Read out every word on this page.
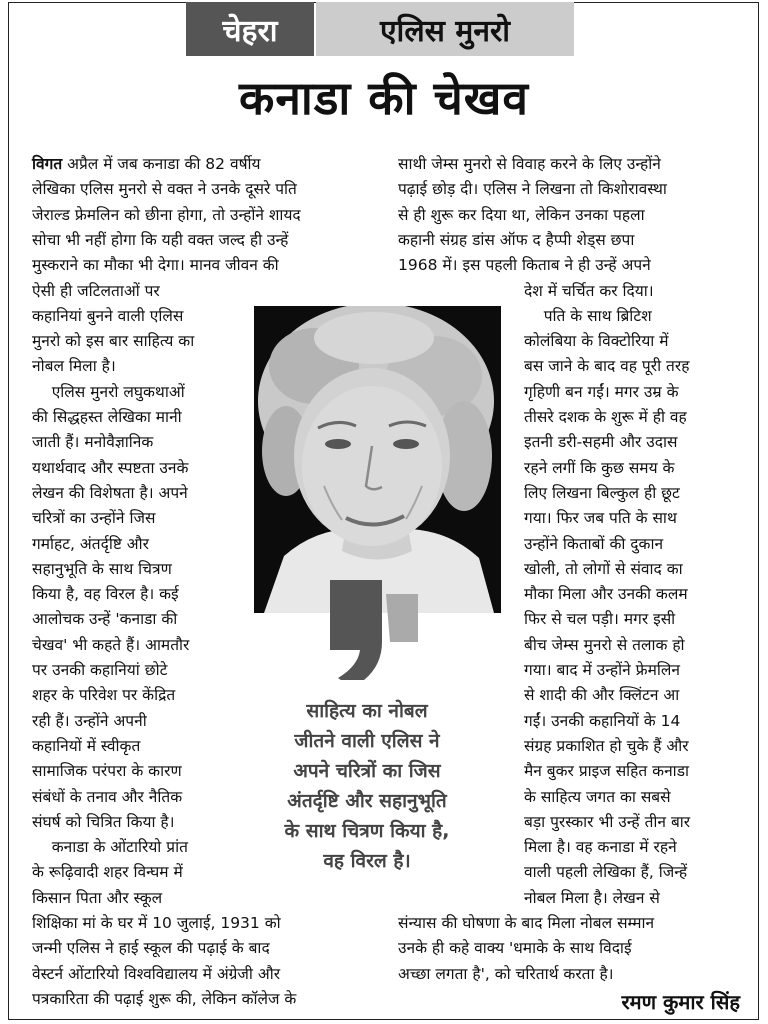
चेहरा	एलिस मुनरो
कनाडा की चेखव
विगत अप्रैल में जब कनाडा की 82 वर्षीय
लेखिका एलिस मुनरो से वक्त ने उनके दूसरे पति
जेराल्ड फ्रेमलिन को छीना होगा, तो उन्होंने शायद
सोचा भी नहीं होगा कि यही वक्त जल्द ही उन्हें
मुस्कराने का मौका भी देगा। मानव जीवन की
ऐसी ही जटिलताओं पर
कहानियां बुनने वाली एलिस
मुनरो को इस बार साहित्य का
नोबल मिला है।
एलिस मुनरो लघुकथाओं
की सिद्धहस्त लेखिका मानी
जाती हैं। मनोवैज्ञानिक
यथार्थवाद और स्पष्टता उनके
लेखन की विशेषता है। अपने
चरित्रों का उन्होंने जिस
गर्माहट, अंतर्दृष्टि और
सहानुभूति के साथ चित्रण
किया है, वह विरल है। कई
आलोचक उन्हें 'कनाडा की
चेखव' भी कहते हैं। आमतौर
पर उनकी कहानियां छोटे
शहर के परिवेश पर केंद्रित
रही हैं। उन्होंने अपनी
कहानियों में स्वीकृत
सामाजिक परंपरा के कारण
संबंधों के तनाव और नैतिक
संघर्ष को चित्रित किया है।
कनाडा के ओंटारियो प्रांत
के रूढ़िवादी शहर विन्घम में
किसान पिता और स्कूल
शिक्षिका मां के घर में 10 जुलाई, 1931 को
जन्मी एलिस ने हाई स्कूल की पढ़ाई के बाद
वेस्टर्न ओंटारियो विश्वविद्यालय में अंग्रेजी और
पत्रकारिता की पढ़ाई शुरू की, लेकिन कॉलेज के
साथी जेम्स मुनरो से विवाह करने के लिए उन्होंने
पढ़ाई छोड़ दी। एलिस ने लिखना तो किशोरावस्था
से ही शुरू कर दिया था, लेकिन उनका पहला
कहानी संग्रह डांस ऑफ द हैप्पी शेड्स छपा
1968 में। इस पहली किताब ने ही उन्हें अपने
देश में चर्चित कर दिया।
पति के साथ ब्रिटिश
कोलंबिया के विक्टोरिया में
बस जाने के बाद वह पूरी तरह
गृहिणी बन गईं। मगर उम्र के
तीसरे दशक के शुरू में ही वह
इतनी डरी-सहमी और उदास
रहने लगीं कि कुछ समय के
लिए लिखना बिल्कुल ही छूट
गया। फिर जब पति के साथ
उन्होंने किताबों की दुकान
खोली, तो लोगों से संवाद का
मौका मिला और उनकी कलम
फिर से चल पड़ी। मगर इसी
बीच जेम्स मुनरो से तलाक हो
गया। बाद में उन्होंने फ्रेमलिन
से शादी की और क्लिंटन आ
गईं। उनकी कहानियों के 14
संग्रह प्रकाशित हो चुके हैं और
मैन बुकर प्राइज सहित कनाडा
के साहित्य जगत का सबसे
बड़ा पुरस्कार भी उन्हें तीन बार
मिला है। वह कनाडा में रहने
वाली पहली लेखिका हैं, जिन्हें
नोबल मिला है। लेखन से
संन्यास की घोषणा के बाद मिला नोबल सम्मान
उनके ही कहे वाक्य 'धमाके के साथ विदाई
अच्छा लगता है', को चरितार्थ करता है।
साहित्य का नोबल
जीतने वाली एलिस ने
अपने चरित्रों का जिस
अंतर्दृष्टि और सहानुभूति
के साथ चित्रण किया है,
वह विरल है।
रमण कुमार सिंह
